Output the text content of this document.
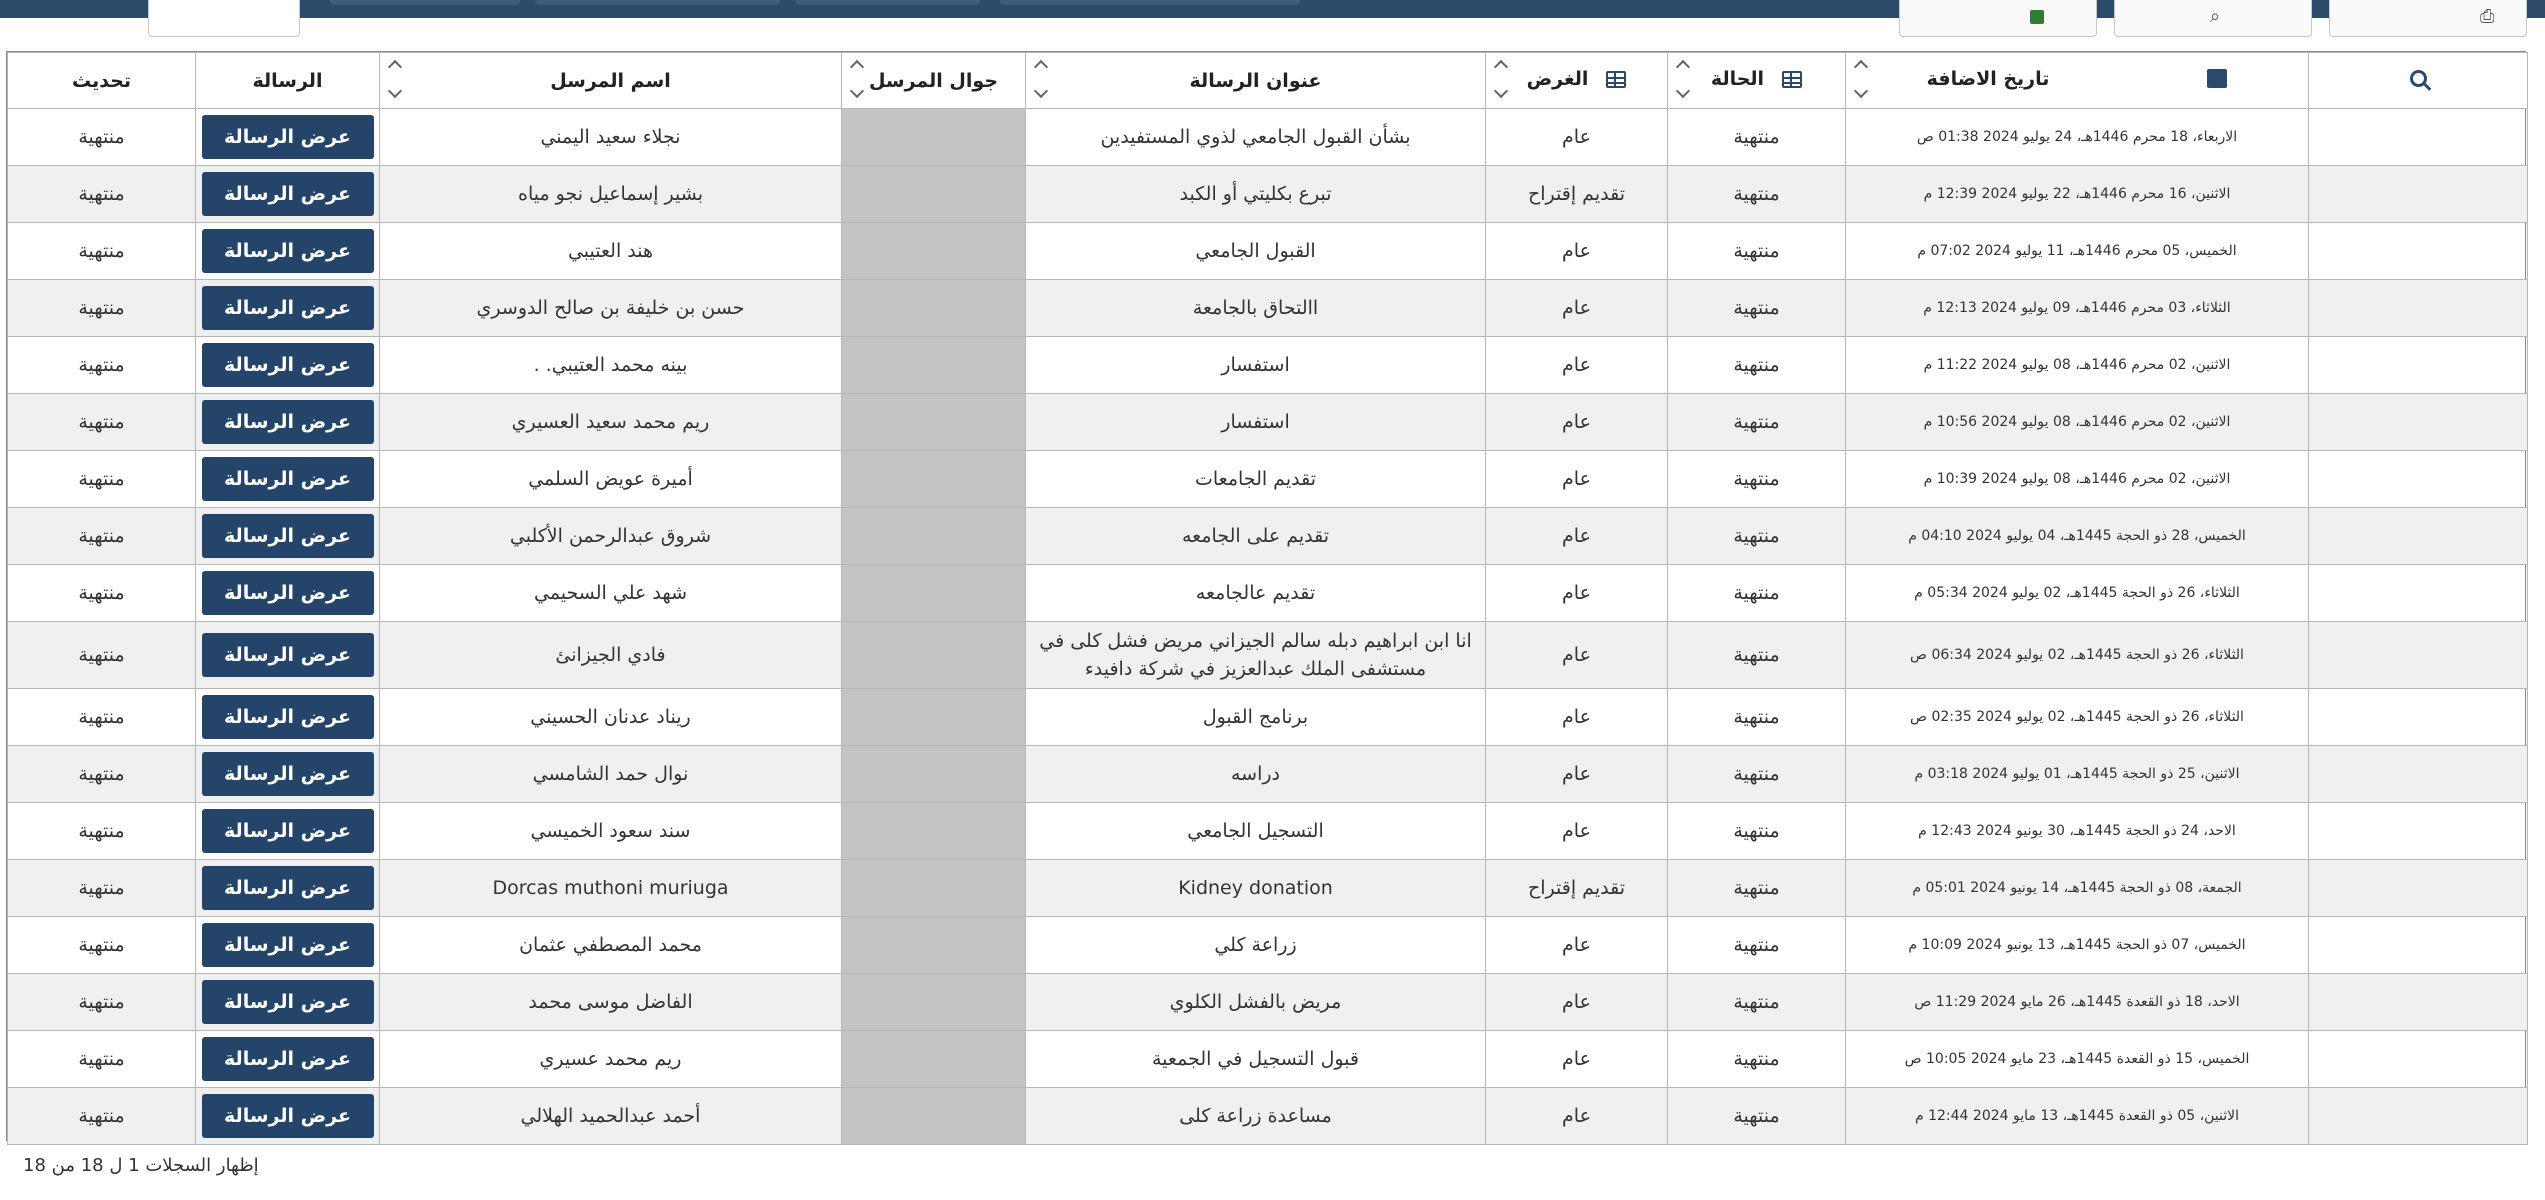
⌕	⎙

	تاريخ الاضافة	الحالة	الغرض	عنوان الرسالة	جوال المرسل	اسم المرسل	الرسالة	تحديث
	الاربعاء، 18 محرم 1446هـ، 24 يوليو 2024 01:38 ص	منتهية	عام	بشأن القبول الجامعي لذوي المستفيدين		نجلاء سعيد اليمني	عرض الرسالة	منتهية
	الاثنين، 16 محرم 1446هـ، 22 يوليو 2024 12:39 م	منتهية	تقديم إقتراح	تبرع بكليتي أو الكبد		بشير إسماعيل نجو مياه	عرض الرسالة	منتهية
	الخميس، 05 محرم 1446هـ، 11 يوليو 2024 07:02 م	منتهية	عام	القبول الجامعي		هند العتيبي	عرض الرسالة	منتهية
	الثلاثاء، 03 محرم 1446هـ، 09 يوليو 2024 12:13 م	منتهية	عام	االتحاق بالجامعة		حسن بن خليفة بن صالح الدوسري	عرض الرسالة	منتهية
	الاثنين، 02 محرم 1446هـ، 08 يوليو 2024 11:22 م	منتهية	عام	استفسار		بينه محمد العتيبي. .	عرض الرسالة	منتهية
	الاثنين، 02 محرم 1446هـ، 08 يوليو 2024 10:56 م	منتهية	عام	استفسار		ريم محمد سعيد العسيري	عرض الرسالة	منتهية
	الاثنين، 02 محرم 1446هـ، 08 يوليو 2024 10:39 م	منتهية	عام	تقديم الجامعات		أميرة عويض السلمي	عرض الرسالة	منتهية
	الخميس، 28 ذو الحجة 1445هـ، 04 يوليو 2024 04:10 م	منتهية	عام	تقديم على الجامعه		شروق عبدالرحمن الأكلبي	عرض الرسالة	منتهية
	الثلاثاء، 26 ذو الحجة 1445هـ، 02 يوليو 2024 05:34 م	منتهية	عام	تقديم عالجامعه		شهد علي السحيمي	عرض الرسالة	منتهية
	الثلاثاء، 26 ذو الحجة 1445هـ، 02 يوليو 2024 06:34 ص	منتهية	عام	انا ابن ابراهيم دبله سالم الجيزاني مريض فشل كلى في مستشفى الملك عبدالعزيز في شركة دافيدء		فادي الجيزانئ	عرض الرسالة	منتهية
	الثلاثاء، 26 ذو الحجة 1445هـ، 02 يوليو 2024 02:35 ص	منتهية	عام	برنامج القبول		ريناد عدنان الحسيني	عرض الرسالة	منتهية
	الاثنين، 25 ذو الحجة 1445هـ، 01 يوليو 2024 03:18 م	منتهية	عام	دراسه		نوال حمد الشامسي	عرض الرسالة	منتهية
	الاحد، 24 ذو الحجة 1445هـ، 30 يونيو 2024 12:43 م	منتهية	عام	التسجيل الجامعي		سند سعود الخميسي	عرض الرسالة	منتهية
	الجمعة، 08 ذو الحجة 1445هـ، 14 يونيو 2024 05:01 م	منتهية	تقديم إقتراح	Kidney donation		Dorcas muthoni muriuga	عرض الرسالة	منتهية
	الخميس، 07 ذو الحجة 1445هـ، 13 يونيو 2024 10:09 م	منتهية	عام	زراعة كلي		محمد المصطفي عثمان	عرض الرسالة	منتهية
	الاحد، 18 ذو القعدة 1445هـ، 26 مايو 2024 11:29 ص	منتهية	عام	مريض بالفشل الكلوي		الفاضل موسى محمد	عرض الرسالة	منتهية
	الخميس، 15 ذو القعدة 1445هـ، 23 مايو 2024 10:05 ص	منتهية	عام	قبول التسجيل في الجمعية		ريم محمد عسيري	عرض الرسالة	منتهية
	الاثنين، 05 ذو القعدة 1445هـ، 13 مايو 2024 12:44 م	منتهية	عام	مساعدة زراعة كلى		أحمد عبدالحميد الهلالي	عرض الرسالة	منتهية
إظهار السجلات 1 ل 18 من 18
